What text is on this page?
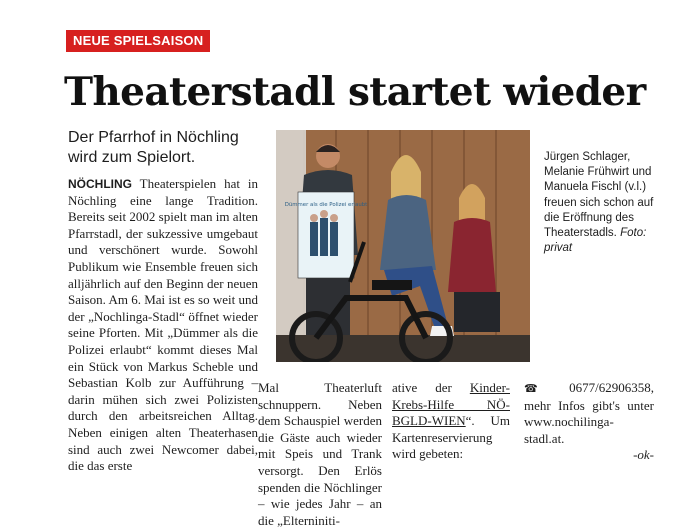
NEUE SPIELSAISON
Theaterstadl startet wieder
Der Pfarrhof in Nöchling wird zum Spielort.
NÖCHLING Theaterspielen hat in Nöchling eine lange Tradition. Bereits seit 2002 spielt man im alten Pfarrstadl, der sukzessive umgebaut und verschönert wurde. Sowohl Publikum wie Ensemble freuen sich alljährlich auf den Beginn der neuen Saison. Am 6. Mai ist es so weit und der „Nochlinga-Stadl“ öffnet wieder seine Pforten. Mit „Dümmer als die Polizei erlaubt“ kommt dieses Mal ein Stück von Markus Scheble und Sebastian Kolb zur Aufführung – darin mühen sich zwei Polizisten durch den arbeitsreichen Alltag. Neben einigen alten Theaterhasen sind auch zwei Newcomer dabei, die das erste
Dümmer als die Polizei erlaubt
Jürgen Schlager, Melanie Frühwirt und Manuela Fischl (v.l.) freuen sich schon auf die Eröffnung des Theaterstadls. Foto: privat
Mal Theaterluft schnuppern. Neben dem Schauspiel werden die Gäste auch wieder mit Speis und Trank versorgt. Den Erlös spenden die Nöchlinger – wie jedes Jahr – an die „Elterniniti-
ative der Kinder-Krebs-Hilfe NÖ-BGLD-WIEN“. Um Kartenreservierung wird gebeten:
☎ 0677/62906358, mehr Infos gibt's unter www.nochilinga-stadl.at.
-ok-
